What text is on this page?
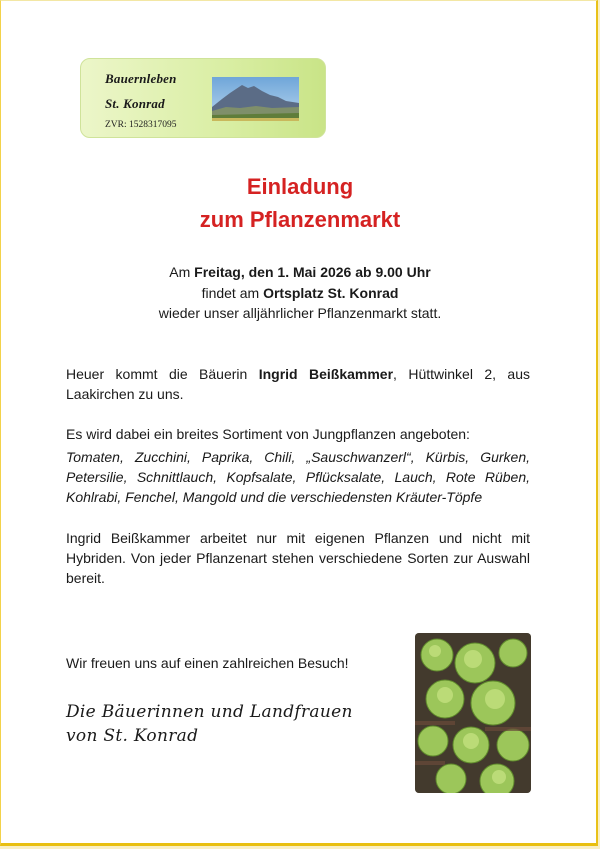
Bauernleben
St. Konrad
ZVR: 1528317095
Einladung
zum Pflanzenmarkt
Am Freitag, den 1. Mai 2026 ab 9.00 Uhr
findet am Ortsplatz St. Konrad
wieder unser alljährlicher Pflanzenmarkt statt.

Heuer kommt die Bäuerin Ingrid Beißkammer, Hüttwinkel 2, aus Laakirchen zu uns.

Es wird dabei ein breites Sortiment von Jungpflanzen angeboten:
Tomaten, Zucchini, Paprika, Chili, „Sauschwanzerl“, Kürbis, Gurken, Petersilie, Schnittlauch, Kopfsalate, Pflücksalate, Lauch, Rote Rüben, Kohlrabi, Fenchel, Mangold und die verschiedensten Kräuter-Töpfe
Ingrid Beißkammer arbeitet nur mit eigenen Pflanzen und nicht mit Hybriden. Von jeder Pflanzenart stehen verschiedene Sorten zur Auswahl bereit.
Wir freuen uns auf einen zahlreichen Besuch!
Die Bäuerinnen und Landfrauen
von St. Konrad
